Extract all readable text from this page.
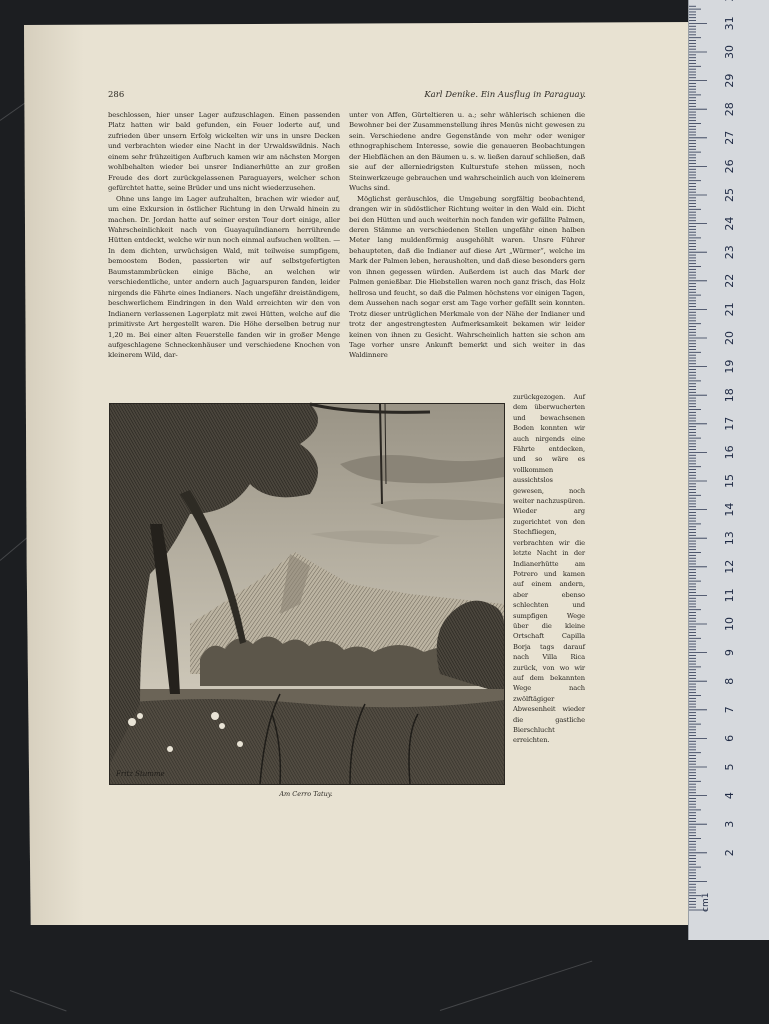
286	Karl Denike. Ein Ausflug in Paraguay.

beschlossen, hier unser Lager aufzuschlagen. Einen passenden Platz hatten wir bald gefunden, ein Feuer loderte auf, und zufrieden über unsern Erfolg wickelten wir uns in unsre Decken und verbrachten wieder eine Nacht in der Urwaldswildnis. Nach einem sehr frühzeitigen Aufbruch kamen wir am nächsten Morgen wohlbehalten wieder bei unsrer Indianerhütte an zur großen Freude des dort zurückgelassenen Paraguayers, welcher schon gefürchtet hatte, seine Brüder und uns nicht wiederzusehen.

Ohne uns lange im Lager aufzuhalten, brachen wir wieder auf, um eine Exkursion in östlicher Richtung in den Urwald hinein zu machen. Dr. Jordan hatte auf seiner ersten Tour dort einige, aller Wahrscheinlichkeit nach von Guayaquíindianern herrührende Hütten entdeckt, welche wir nun noch einmal aufsuchen wollten. — In dem dichten, urwüchsigen Wald, mit teilweise sumpfigem, bemoostem Boden, passierten wir auf selbstgefertigten Baumstammbrücken einige Bäche, an welchen wir verschiedentliche, unter andern auch Jaguarspuren fanden, leider nirgends die Fährte eines Indianers. Nach ungefähr dreiständigem, beschwerlichem Eindringen in den Wald erreichten wir den von Indianern verlassenen Lagerplatz mit zwei Hütten, welche auf die primitivste Art hergestellt waren. Die Höhe derselben betrug nur 1,20 m. Bei einer alten Feuerstelle fanden wir in großer Menge aufgeschlagene Schneckenhäuser und verschiedene Knochen von kleinerem Wild, dar-

unter von Affen, Gürteltieren u. a.; sehr wählerisch schienen die Bewohner bei der Zusammenstellung ihres Menüs nicht gewesen zu sein. Verschiedene andre Gegenstände von mehr oder weniger ethnographischem Interesse, sowie die genaueren Beobachtungen der Hiebflächen an den Bäumen u. s. w. ließen darauf schließen, daß sie auf der allerniedrigsten Kulturstufe stehen müssen, noch Steinwerkzeuge gebrauchen und wahrscheinlich auch von kleinerem Wuchs sind.

Möglichst geräuschlos, die Umgebung sorgfältig beobachtend, drangen wir in südöstlicher Richtung weiter in den Wald ein. Dicht bei den Hütten und auch weiterhin noch fanden wir gefällte Palmen, deren Stämme an verschiedenen Stellen ungefähr einen halben Meter lang muldenförmig ausgehöhlt waren. Unsre Führer behaupteten, daß die Indianer auf diese Art „Würmer“, welche im Mark der Palmen leben, herausholten, und daß diese besonders gern von ihnen gegessen würden. Außerdem ist auch das Mark der Palmen genießbar. Die Hiebstellen waren noch ganz frisch, das Holz hellrosa und feucht, so daß die Palmen höchstens vor einigen Tagen, dem Aussehen nach sogar erst am Tage vorher gefällt sein konnten. Trotz dieser untrüglichen Merkmale von der Nähe der Indianer und trotz der angestrengtesten Aufmerksamkeit bekamen wir leider keinen von ihnen zu Gesicht. Wahrscheinlich hatten sie schon am Tage vorher unsre Ankunft bemerkt und sich weiter in das Waldinnere

zurückgezogen. Auf dem überwucherten und bewachsenen Boden konnten wir auch nirgends eine Fährte entdecken, und so wäre es vollkommen aussichtslos gewesen, noch weiter nachzuspüren. Wieder arg zugerichtet von den Stechfliegen, verbrachten wir die letzte Nacht in der Indianerhütte am Potrero und kamen auf einem andern, aber ebenso schlechten und sumpfigen Wege über die kleine Ortschaft Capilla Borja tags darauf nach Villa Rica zurück, von wo wir auf dem bekannten Wege nach zwölftägiger Abwesenheit wieder die gastliche Bierschlucht erreichten.

Fritz Stumme
Am Cerro Tatuy.
2
3
4
5
6
7
8
9
10
11
12
13
14
15
16
17
18
19
20
21
22
23
24
25
26
27
28
29
30
31
cm1
